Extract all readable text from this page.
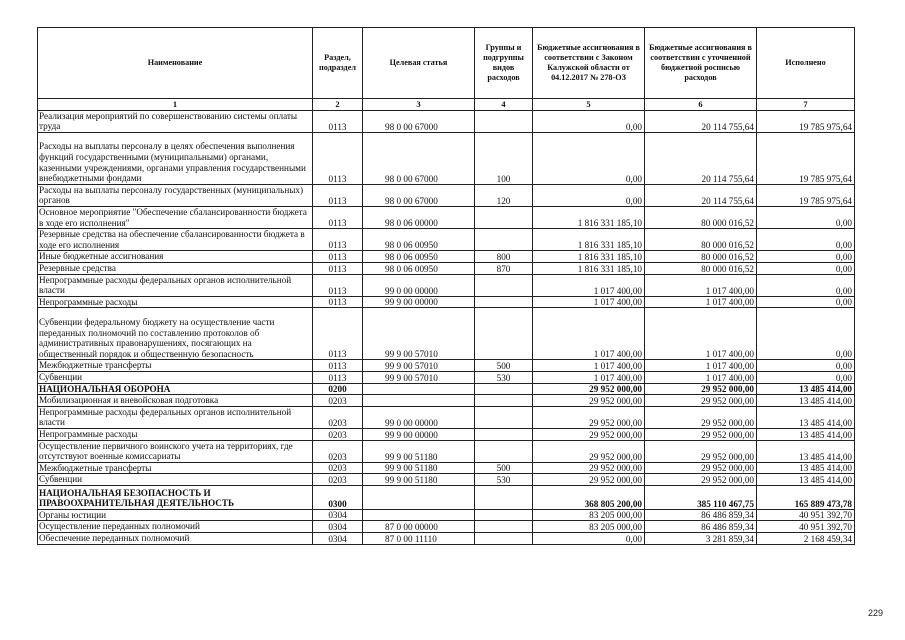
Наименование	Раздел, подраздел	Целевая статья	Группы и подгруппы видов расходов	Бюджетные ассигнования в соответствии с Законом Калужской области от 04.12.2017 № 278-ОЗ	Бюджетные ассигнования в соответствии с уточненной бюджетной росписью расходов	Исполнено
1	2	3	4	5	6	7
Реализация мероприятий по совершенствованию системы оплаты труда	0113	98 0 00 67000		0,00	20 114 755,64	19 785 975,64
Расходы на выплаты персоналу в целях обеспечения выполнения функций государственными (муниципальными) органами, казенными учреждениями, органами управления государственными внебюджетными фондами	0113	98 0 00 67000	100	0,00	20 114 755,64	19 785 975,64
Расходы на выплаты персоналу государственных (муниципальных) органов	0113	98 0 00 67000	120	0,00	20 114 755,64	19 785 975,64
Основное мероприятие "Обеспечение сбалансированности бюджета в ходе его исполнения"	0113	98 0 06 00000		1 816 331 185,10	80 000 016,52	0,00
Резервные средства на обеспечение сбалансированности бюджета в ходе его исполнения	0113	98 0 06 00950		1 816 331 185,10	80 000 016,52	0,00
Иные бюджетные ассигнования	0113	98 0 06 00950	800	1 816 331 185,10	80 000 016,52	0,00
Резервные средства	0113	98 0 06 00950	870	1 816 331 185,10	80 000 016,52	0,00
Непрограммные расходы федеральных органов исполнительной власти	0113	99 0 00 00000		1 017 400,00	1 017 400,00	0,00
Непрограммные расходы	0113	99 9 00 00000		1 017 400,00	1 017 400,00	0,00
Субвенции федеральному бюджету на осуществление части переданных полномочий по составлению протоколов об административных правонарушениях, посягающих на общественный порядок и общественную безопасность	0113	99 9 00 57010		1 017 400,00	1 017 400,00	0,00
Межбюджетные трансферты	0113	99 9 00 57010	500	1 017 400,00	1 017 400,00	0,00
Субвенции	0113	99 9 00 57010	530	1 017 400,00	1 017 400,00	0,00
НАЦИОНАЛЬНАЯ ОБОРОНА	0200			29 952 000,00	29 952 000,00	13 485 414,00
Мобилизационная и вневойсковая подготовка	0203			29 952 000,00	29 952 000,00	13 485 414,00
Непрограммные расходы федеральных органов исполнительной власти	0203	99 0 00 00000		29 952 000,00	29 952 000,00	13 485 414,00
Непрограммные расходы	0203	99 9 00 00000		29 952 000,00	29 952 000,00	13 485 414,00
Осуществление первичного воинского учета на территориях, где отсутствуют военные комиссариаты	0203	99 9 00 51180		29 952 000,00	29 952 000,00	13 485 414,00
Межбюджетные трансферты	0203	99 9 00 51180	500	29 952 000,00	29 952 000,00	13 485 414,00
Субвенции	0203	99 9 00 51180	530	29 952 000,00	29 952 000,00	13 485 414,00
НАЦИОНАЛЬНАЯ БЕЗОПАСНОСТЬ И ПРАВООХРАНИТЕЛЬНАЯ ДЕЯТЕЛЬНОСТЬ	0300			368 805 200,00	385 110 467,75	165 889 473,78
Органы юстиции	0304			83 205 000,00	86 486 859,34	40 951 392,70
Осуществление переданных полномочий	0304	87 0 00 00000		83 205 000,00	86 486 859,34	40 951 392,70
Обеспечение переданных полномочий	0304	87 0 00 11110		0,00	3 281 859,34	2 168 459,34
229
